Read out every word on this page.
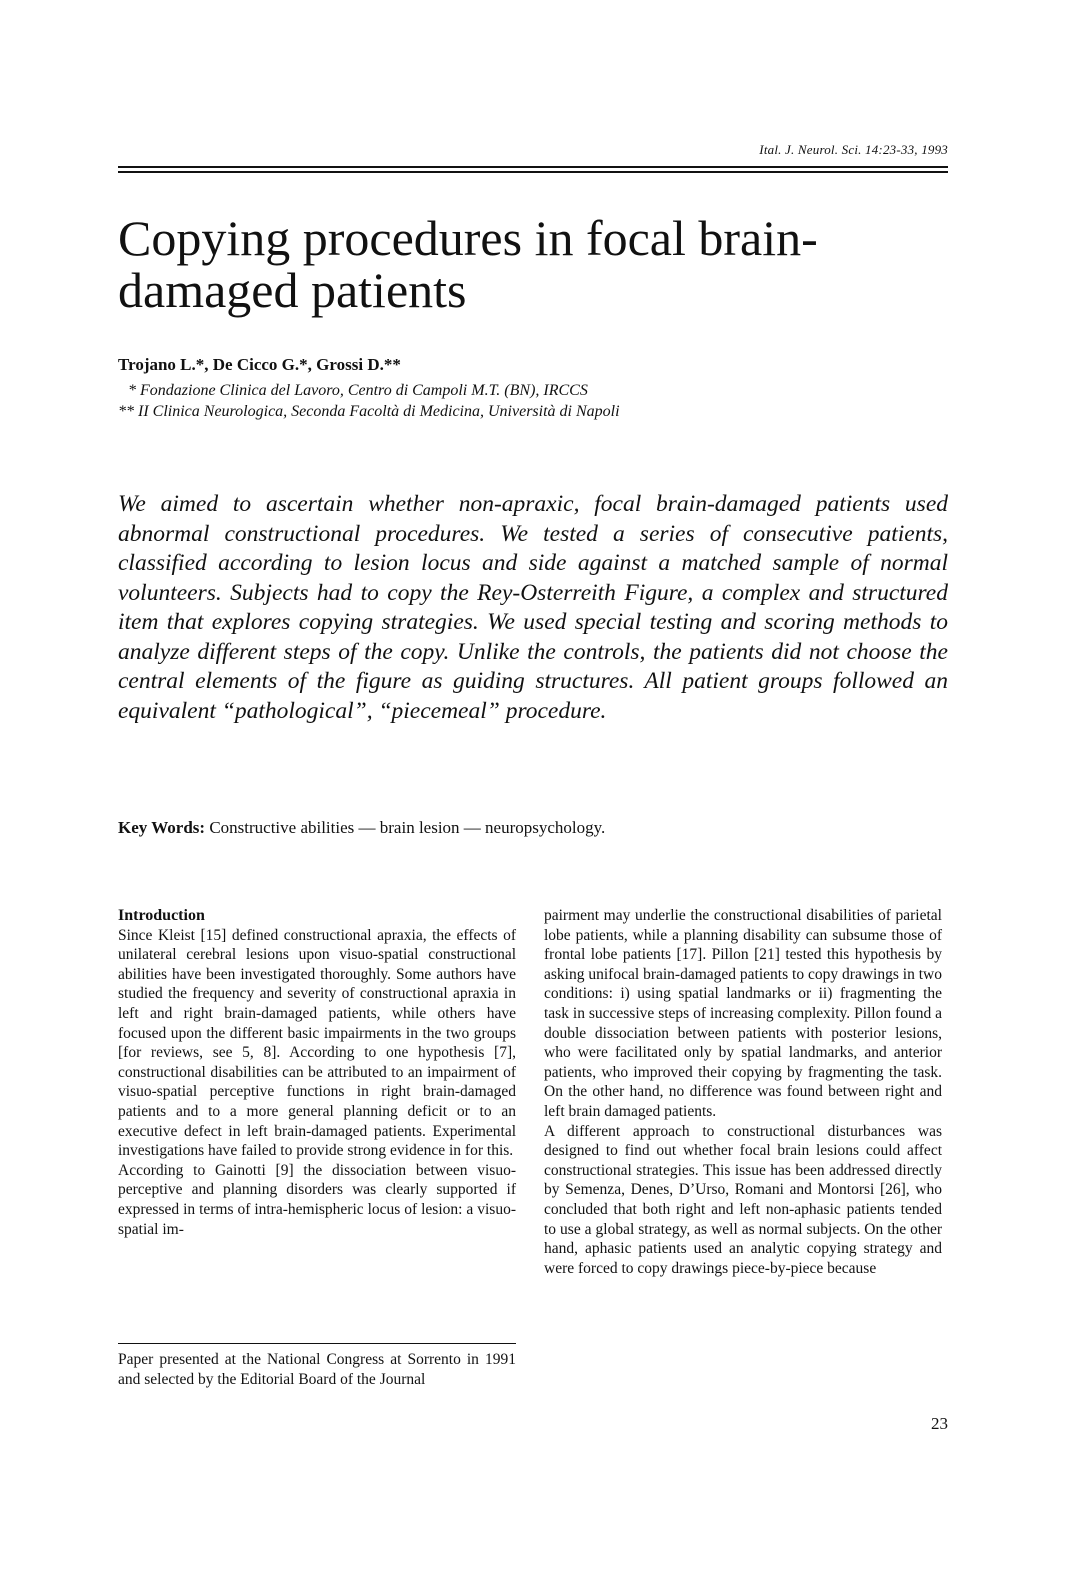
Ital. J. Neurol. Sci. 14:23-33, 1993
Copying procedures in focal brain-damaged patients
Trojano L.*, De Cicco G.*, Grossi D.**
* Fondazione Clinica del Lavoro, Centro di Campoli M.T. (BN), IRCCS
** II Clinica Neurologica, Seconda Facoltà di Medicina, Università di Napoli

We aimed to ascertain whether non-apraxic, focal brain-damaged patients used abnormal constructional procedures. We tested a series of consecutive patients, classified according to lesion locus and side against a matched sample of normal volunteers. Subjects had to copy the Rey-Osterreith Figure, a complex and structured item that explores copying strategies. We used special testing and scoring methods to analyze different steps of the copy. Unlike the controls, the patients did not choose the central elements of the figure as guiding structures. All patient groups followed an equivalent “pathological”, “piecemeal” procedure.

Key Words: Constructive abilities — brain lesion — neuropsychology.

Introduction

Since Kleist [15] defined constructional apraxia, the effects of unilateral cerebral lesions upon visuo-spatial constructional abilities have been investigated thoroughly. Some authors have studied the frequency and severity of constructional apraxia in left and right brain-damaged patients, while others have focused upon the different basic impairments in the two groups [for reviews, see 5, 8]. According to one hypothesis [7], constructional disabilities can be attributed to an impairment of visuo-spatial perceptive functions in right brain-damaged patients and to a more general planning deficit or to an executive defect in left brain-damaged patients. Experimental investigations have failed to provide strong evidence in for this.

According to Gainotti [9] the dissociation between visuo-perceptive and planning disorders was clearly supported if expressed in terms of intra-hemispheric locus of lesion: a visuo-spatial im-

pairment may underlie the constructional disabilities of parietal lobe patients, while a planning disability can subsume those of frontal lobe patients [17]. Pillon [21] tested this hypothesis by asking unifocal brain-damaged patients to copy drawings in two conditions: i) using spatial landmarks or ii) fragmenting the task in successive steps of increasing complexity. Pillon found a double dissociation between patients with posterior lesions, who were facilitated only by spatial landmarks, and anterior patients, who improved their copying by fragmenting the task. On the other hand, no difference was found between right and left brain damaged patients.

A different approach to constructional disturbances was designed to find out whether focal brain lesions could affect constructional strategies. This issue has been addressed directly by Semenza, Denes, D’Urso, Romani and Montorsi [26], who concluded that both right and left non-aphasic patients tended to use a global strategy, as well as normal subjects. On the other hand, aphasic patients used an analytic copying strategy and were forced to copy drawings piece-by-piece because

Paper presented at the National Congress at Sorrento in 1991 and selected by the Editorial Board of the Journal
23
